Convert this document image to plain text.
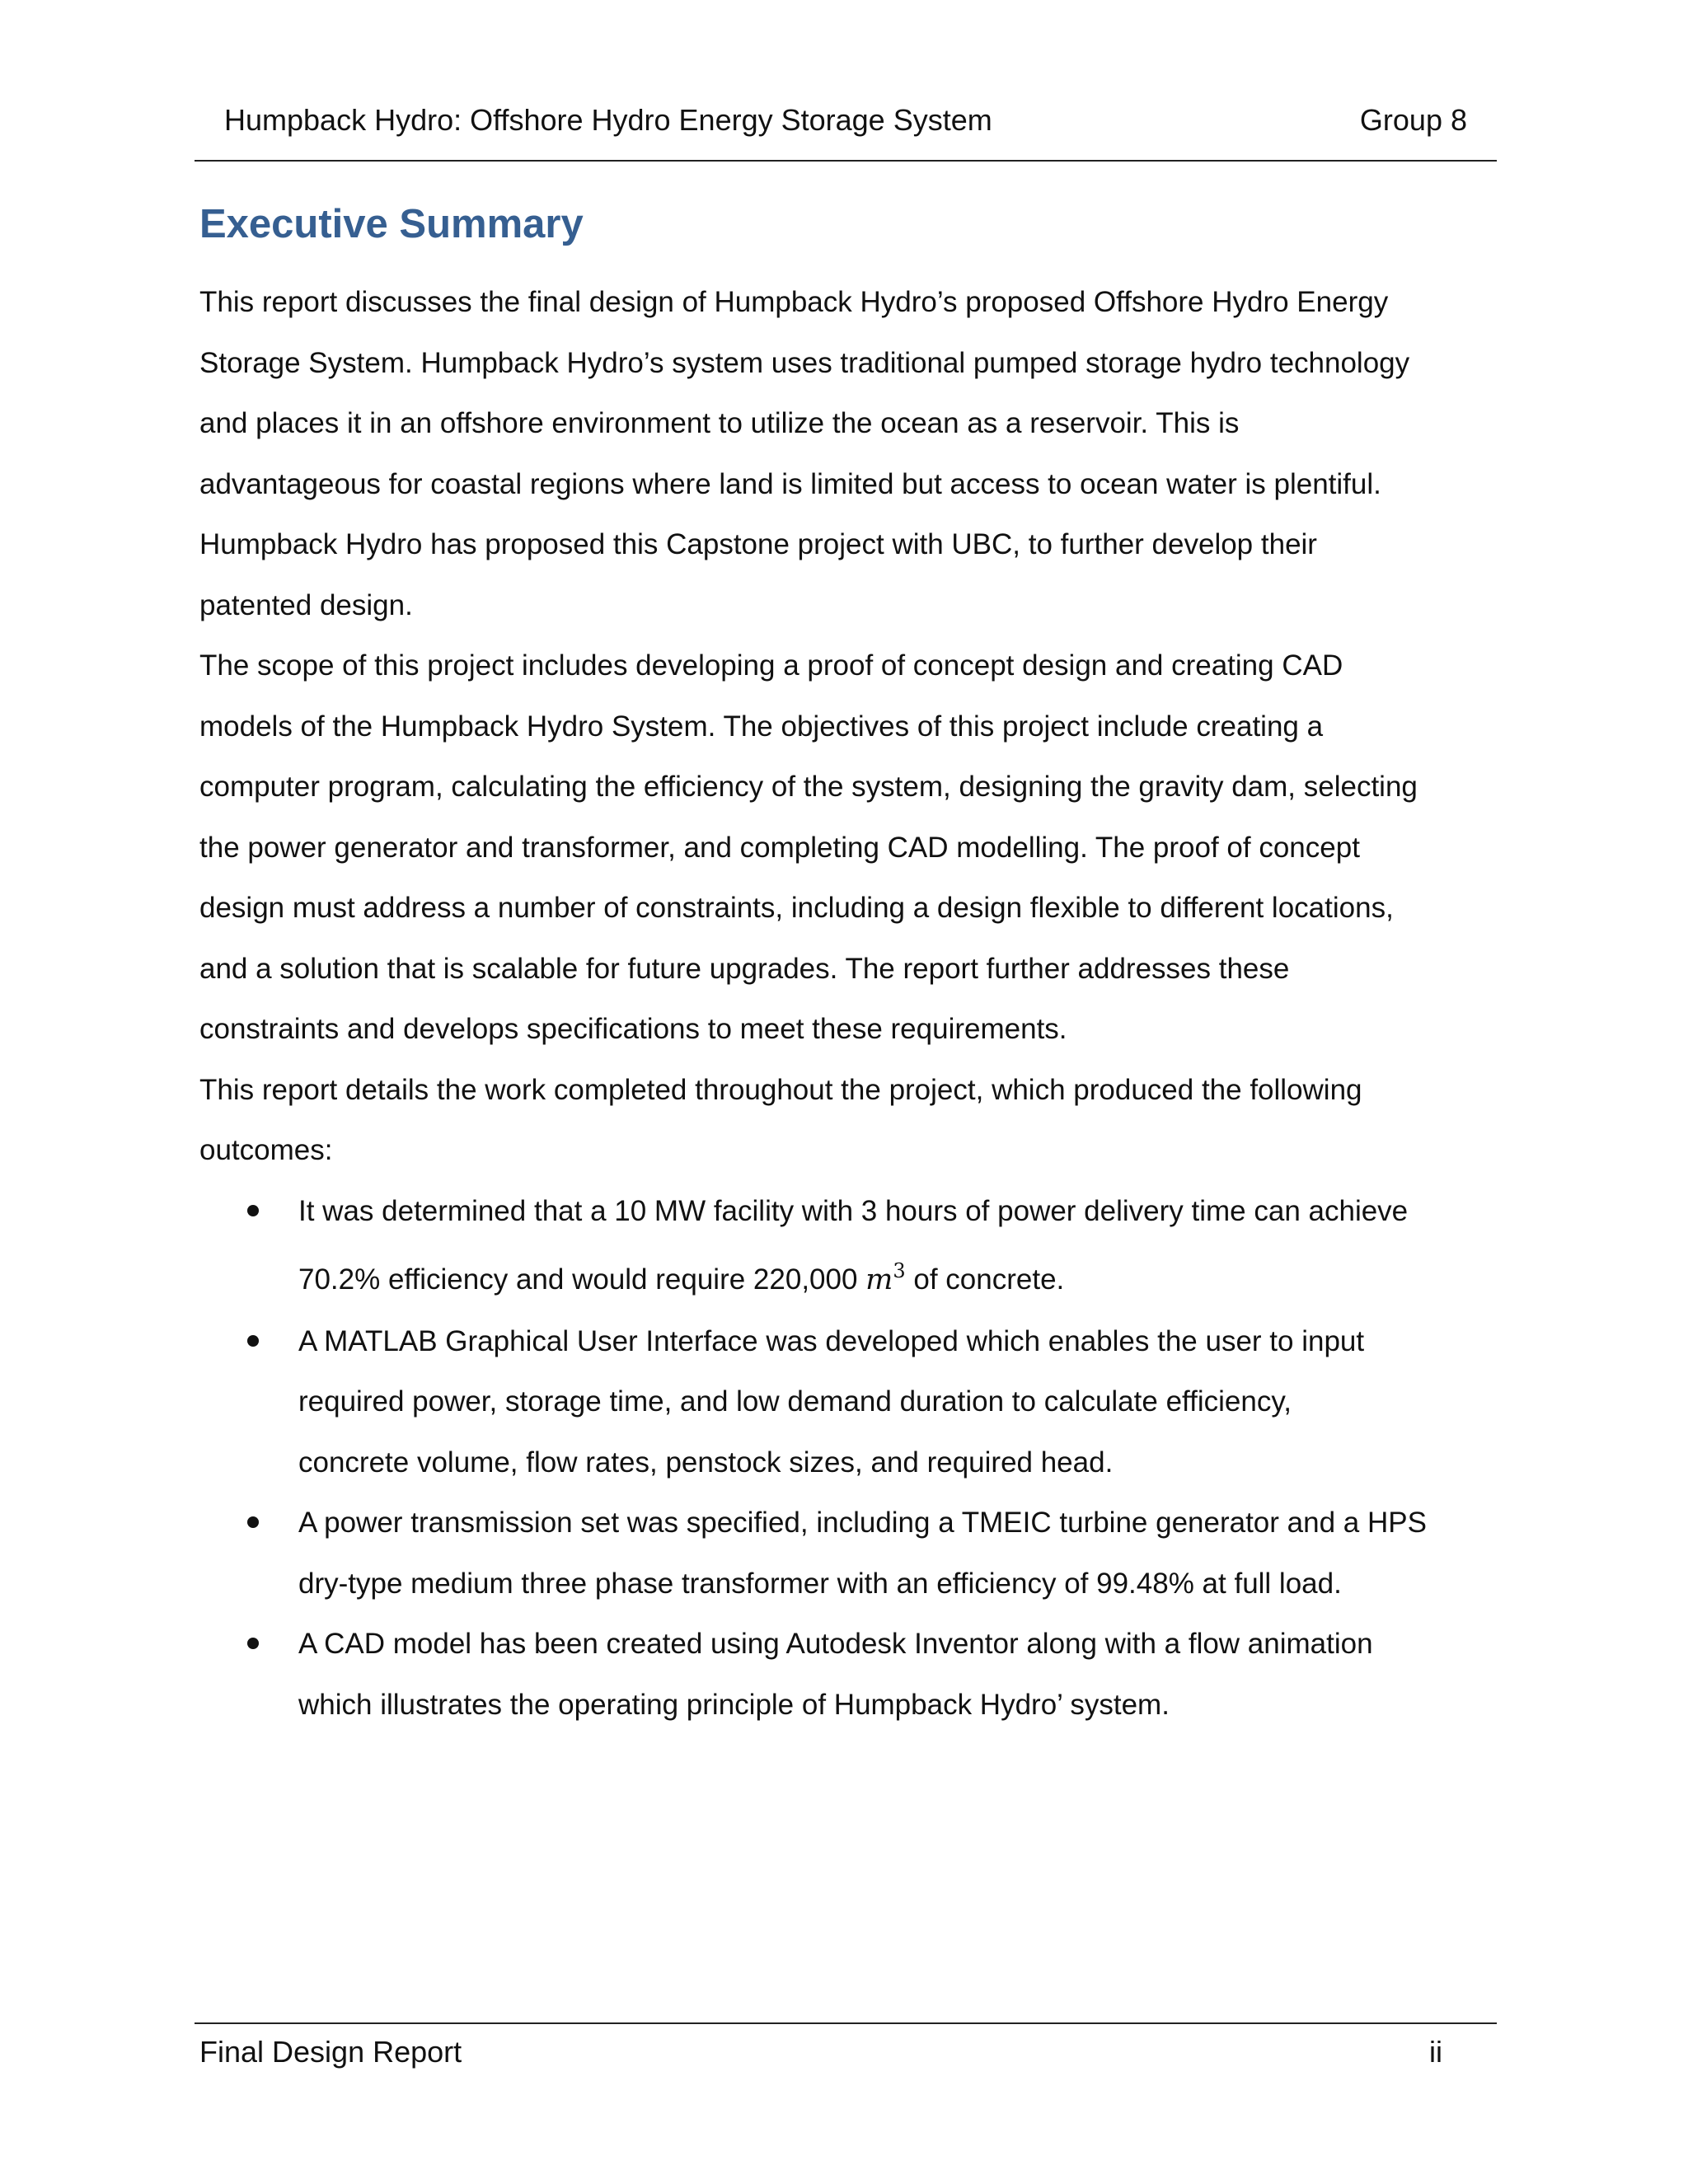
Humpback Hydro: Offshore Hydro Energy Storage System	Group 8
Executive Summary

This report discusses the final design of Humpback Hydro’s proposed Offshore Hydro Energy
Storage System. Humpback Hydro’s system uses traditional pumped storage hydro technology
and places it in an offshore environment to utilize the ocean as a reservoir. This is
advantageous for coastal regions where land is limited but access to ocean water is plentiful.
Humpback Hydro has proposed this Capstone project with UBC, to further develop their
patented design.

The scope of this project includes developing a proof of concept design and creating CAD
models of the Humpback Hydro System. The objectives of this project include creating a
computer program, calculating the efficiency of the system, designing the gravity dam, selecting
the power generator and transformer, and completing CAD modelling. The proof of concept
design must address a number of constraints, including a design flexible to different locations,
and a solution that is scalable for future upgrades. The report further addresses these
constraints and develops specifications to meet these requirements.

This report details the work completed throughout the project, which produced the following
outcomes:

It was determined that a 10 MW facility with 3 hours of power delivery time can achieve
70.2% efficiency and would require 220,000 $m^3$ of concrete.
A MATLAB Graphical User Interface was developed which enables the user to input
required power, storage time, and low demand duration to calculate efficiency,
concrete volume, flow rates, penstock sizes, and required head.
A power transmission set was specified, including a TMEIC turbine generator and a HPS
dry-type medium three phase transformer with an efficiency of 99.48% at full load.
A CAD model has been created using Autodesk Inventor along with a flow animation
which illustrates the operating principle of Humpback Hydro’ system.
Final Design Report	ii
